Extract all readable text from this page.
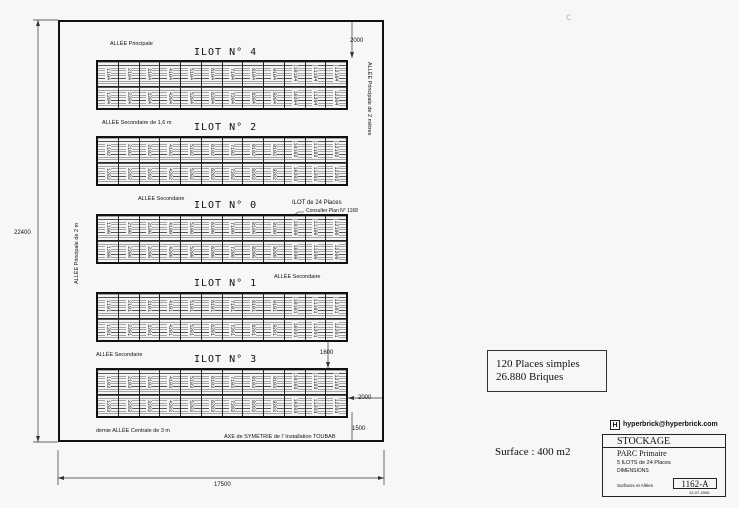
c
22400
17500
2000
1600
2000
1500
ALLÉE Principale
ALLÉE Secondaire de 1,6 m
ALLÉE Secondaire
ALLÉE Secondaire
ALLÉE Secondaire
demie ALLÉE Centrale de 3 m
AXE de SYMÉTRIE de l' Installation TOUBAB
ILOT de 24 Places
Consulter Plan N° 1168
ALLÉE Principale de 2 m
ALLÉE Principale de 2 mètres
ILOT N° 4
1104	2104	3104	4104	5104	6104	7104	8104	9104	10104	11104	12104
1204	2204	3204	4204	5204	6204	7204	8204	9204	10204	11204	12204
ILOT N° 2
1102	2102	3102	4102	5102	6102	7102	8102	9102	10102	11102	12102
1202	2202	3202	4202	5202	6202	7202	8202	9202	10202	11202	12202
ILOT N° 0
1100	2100	3100	4100	5100	6100	7100	8100	9100	10100	11100	12100
1200	2200	3200	4200	5200	6200	7200	8200	9200	10200	11200	12200
ILOT N° 1
1101	2101	3101	4101	5101	6101	7101	8101	9101	10101	11101	12101
1201	2201	3201	4201	5201	6201	7201	8201	9201	10201	11201	12201
ILOT N° 3
1103	2103	3103	4103	5103	6103	7103	8103	9103	10103	11103	12103
1203	2203	3203	4203	5203	6203	7203	8203	9203	10203	11203	12203
120 Places simples
26.880 Briques
Surface : 400 m2
H hyperbrick@hyperbrick.com
STOCKAGE
PARC Primaire
5 ILOTS de 24 Places
DIMENSIONS
Surfaces et Allées	1162-A
12-07-2006
